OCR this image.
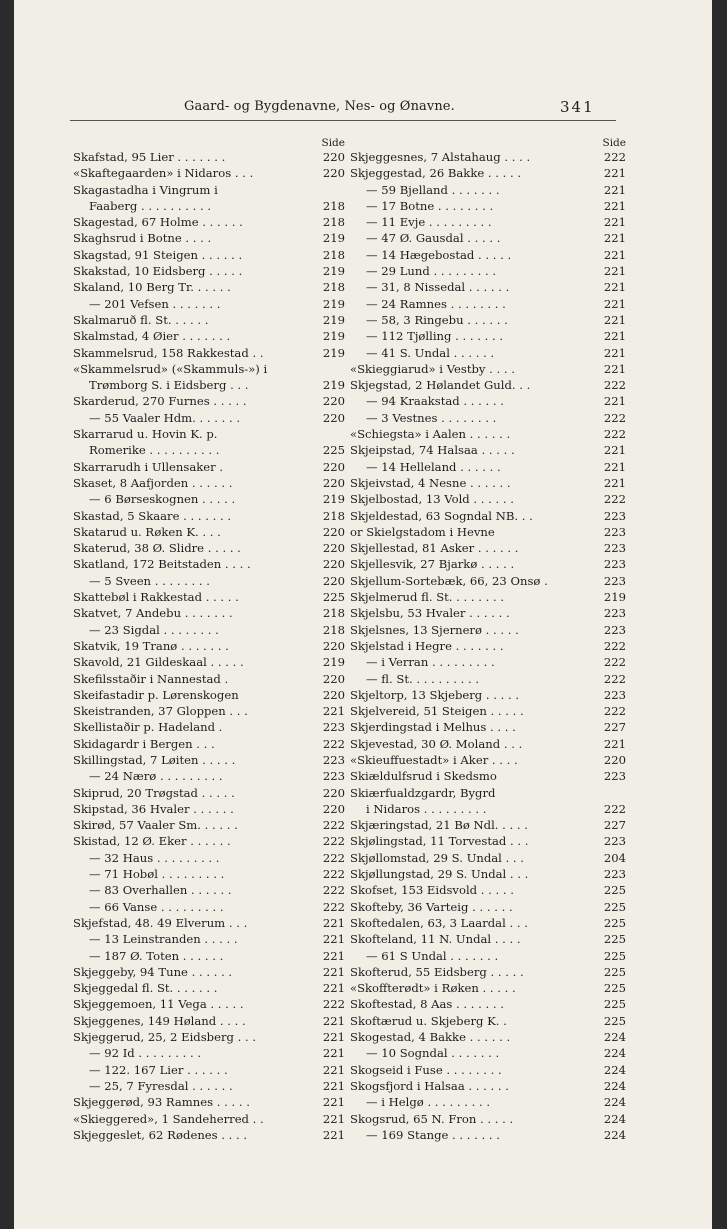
Gaard- og Bygdenavne, Nes- og Ønavne.	341
Side
Skafstad, 95 Lier . . . . . . .	220
«Skaftegaarden» i Nidaros . . .	220
Skagastadha i Vingrum i
Faaberg . . . . . . . . . .	218
Skagestad, 67 Holme . . . . . .	218
Skaghsrud i Botne . . . .	219
Skagstad, 91 Steigen . . . . . .	218
Skakstad, 10 Eidsberg . . . . .	219
Skaland, 10 Berg Tr. . . . . .	218
— 201 Vefsen . . . . . . .	219
Skalmaruð fl. St. . . . . .	219
Skalmstad, 4 Øier . . . . . . .	219
Skammelsrud, 158 Rakkestad . .	219
«Skammelsrud» («Skammuls-») i
Trømborg S. i Eidsberg . . .	219
Skarderud, 270 Furnes . . . . .	220
— 55 Vaaler Hdm. . . . . . .	220
Skarrarud u. Hovin K. p.
Romerike . . . . . . . . . .	225
Skarrarudh i Ullensaker .	220
Skaset, 8 Aafjorden . . . . . .	220
— 6 Børseskognen . . . . .	219
Skastad, 5 Skaare . . . . . . .	218
Skatarud u. Røken K. . . .	220
Skaterud, 38 Ø. Slidre . . . . .	220
Skatland, 172 Beitstaden . . . .	220
— 5 Sveen . . . . . . . .	220
Skattebøl i Rakkestad . . . . .	225
Skatvet, 7 Andebu . . . . . . .	218
— 23 Sigdal . . . . . . . .	218
Skatvik, 19 Tranø . . . . . . .	220
Skavold, 21 Gildeskaal . . . . .	219
Skefilsstaðir i Nannestad .	220
Skeifastadir p. Lørenskogen	220
Skeistranden, 37 Gloppen . . .	221
Skellistaðir p. Hadeland .	223
Skidagardr i Bergen . . .	222
Skillingstad, 7 Løiten . . . . .	223
— 24 Nærø . . . . . . . . .	223
Skiprud, 20 Trøgstad . . . . .	220
Skipstad, 36 Hvaler . . . . . .	220
Skirød, 57 Vaaler Sm. . . . . .	222
Skistad, 12 Ø. Eker . . . . . .	222
— 32 Haus . . . . . . . . .	222
— 71 Hobøl . . . . . . . . .	222
— 83 Overhallen . . . . . .	222
— 66 Vanse . . . . . . . . .	222
Skjefstad, 48. 49 Elverum . . .	221
— 13 Leinstranden . . . . .	221
— 187 Ø. Toten . . . . . .	221
Skjeggeby, 94 Tune . . . . . .	221
Skjeggedal fl. St. . . . . . .	221
Skjeggemoen, 11 Vega . . . . .	222
Skjeggenes, 149 Høland . . . .	221
Skjeggerud, 25, 2 Eidsberg . . .	221
— 92 Id . . . . . . . . .	221
— 122. 167 Lier . . . . . .	221
— 25, 7 Fyresdal . . . . . .	221
Skjeggerød, 93 Ramnes . . . . .	221
«Skieggered», 1 Sandeherred . .	221
Skjeggeslet, 62 Rødenes . . . .	221
Side
Skjeggesnes, 7 Alstahaug . . . .	222
Skjeggestad, 26 Bakke . . . . .	221
— 59 Bjelland . . . . . . .	221
— 17 Botne . . . . . . . .	221
— 11 Evje . . . . . . . . .	221
— 47 Ø. Gausdal . . . . .	221
— 14 Hægebostad . . . . .	221
— 29 Lund . . . . . . . . .	221
— 31, 8 Nissedal . . . . . .	221
— 24 Ramnes . . . . . . . .	221
— 58, 3 Ringebu . . . . . .	221
— 112 Tjølling . . . . . . .	221
— 41 S. Undal . . . . . .	221
«Skieggiarud» i Vestby . . . .	221
Skjegstad, 2 Hølandet Guld. . .	222
— 94 Kraakstad . . . . . .	221
— 3 Vestnes . . . . . . . .	222
«Schiegsta» i Aalen . . . . . .	222
Skjeipstad, 74 Halsaa . . . . .	221
— 14 Helleland . . . . . .	221
Skjeivstad, 4 Nesne . . . . . .	221
Skjelbostad, 13 Vold . . . . . .	222
Skjeldestad, 63 Sogndal NB. . .	223
or Skielgstadom i Hevne	223
Skjellestad, 81 Asker . . . . . .	223
Skjellesvik, 27 Bjarkø . . . . .	223
Skjellum-Sortebæk, 66, 23 Onsø .	223
Skjelmerud fl. St. . . . . . . .	219
Skjelsbu, 53 Hvaler . . . . . .	223
Skjelsnes, 13 Sjernerø . . . . .	223
Skjelstad i Hegre . . . . . . .	222
— i Verran . . . . . . . . .	222
— fl. St. . . . . . . . . .	222
Skjeltorp, 13 Skjeberg . . . . .	223
Skjelvereid, 51 Steigen . . . . .	222
Skjerdingstad i Melhus . . . .	227
Skjevestad, 30 Ø. Moland . . .	221
«Skieuffuestadt» i Aker . . . .	220
Skiældulfsrud i Skedsmo	223
Skiærfualdzgardr, Bygrd
i Nidaros . . . . . . . . .	222
Skjæringstad, 21 Bø Ndl. . . . .	227
Skjølingstad, 11 Torvestad . . .	223
Skjøllomstad, 29 S. Undal . . .	204
Skjøllungstad, 29 S. Undal . . .	223
Skofset, 153 Eidsvold . . . . .	225
Skofteby, 36 Varteig . . . . . .	225
Skoftedalen, 63, 3 Laardal . . .	225
Skofteland, 11 N. Undal . . . .	225
— 61 S Undal . . . . . . .	225
Skofterud, 55 Eidsberg . . . . .	225
«Skoffterødt» i Røken . . . . .	225
Skoftestad, 8 Aas . . . . . . .	225
Skoftærud u. Skjeberg K. .	225
Skogestad, 4 Bakke . . . . . .	224
— 10 Sogndal . . . . . . .	224
Skogseid i Fuse . . . . . . . .	224
Skogsfjord i Halsaa . . . . . .	224
— i Helgø . . . . . . . . .	224
Skogsrud, 65 N. Fron . . . . .	224
— 169 Stange . . . . . . .	224
